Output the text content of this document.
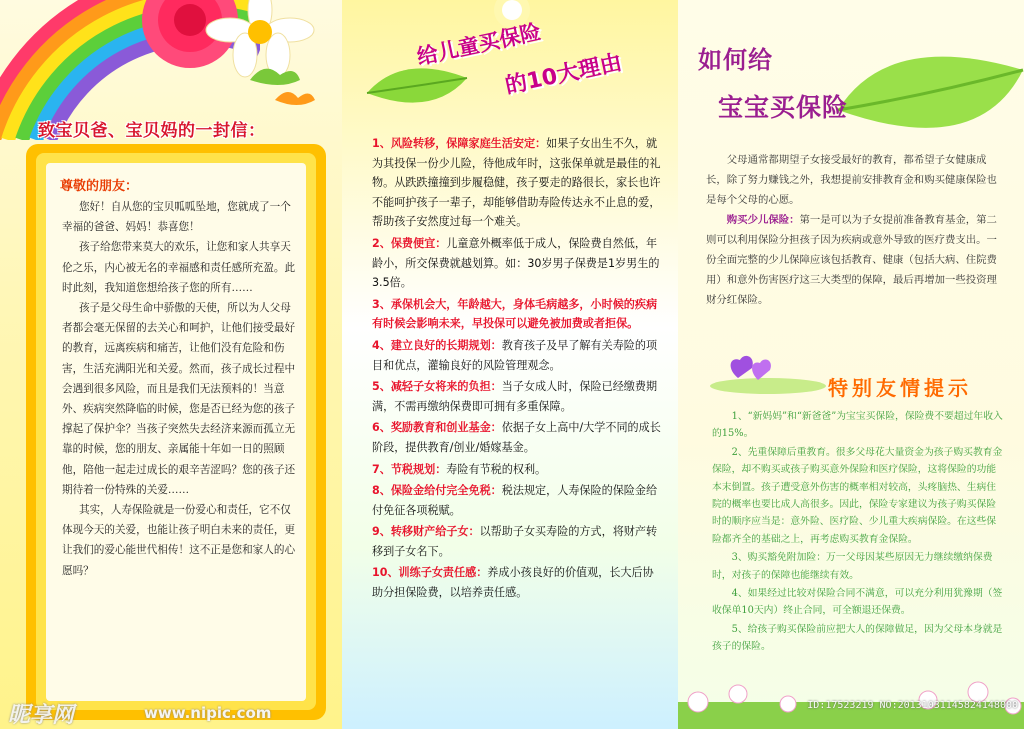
致宝贝爸、宝贝妈的一封信：
尊敬的朋友：

您好！自从您的宝贝呱呱坠地，您就成了一个幸福的爸爸、妈妈！恭喜您！

孩子给您带来莫大的欢乐，让您和家人共享天伦之乐，内心被无名的幸福感和责任感所充盈。此时此刻，我知道您想给孩子您的所有……

孩子是父母生命中骄傲的天使，所以为人父母者都会毫无保留的去关心和呵护，让他们接受最好的教育，远离疾病和痛苦，让他们没有危险和伤害，生活充满阳光和关爱。然而，孩子成长过程中会遇到很多风险，而且是我们无法预料的！当意外、疾病突然降临的时候，您是否已经为您的孩子撑起了保护伞？当孩子突然失去经济来源而孤立无靠的时候，您的朋友、亲属能十年如一日的照顾他，陪他一起走过成长的艰辛苦涩吗？您的孩子还期待着一份特殊的关爱……

其实，人寿保险就是一份爱心和责任，它不仅体现今天的关爱，也能让孩子明白未来的责任，更让我们的爱心能世代相传！这不正是您和家人的心愿吗？

给儿童买保险
的10大理由

1、风险转移，保障家庭生活安定：如果子女出生不久，就为其投保一份少儿险，待他成年时，这张保单就是最佳的礼物。从跌跌撞撞到步履稳健，孩子要走的路很长，家长也许不能呵护孩子一辈子，却能够借助寿险传达永不止息的爱，帮助孩子安然度过每一个难关。

2、保费便宜：儿童意外概率低于成人，保险费自然低，年龄小，所交保费就越划算。如：30岁男子保费是1岁男生的3.5倍。

3、承保机会大，年龄越大，身体毛病越多，小时候的疾病有时候会影响未来，早投保可以避免被加费或者拒保。

4、建立良好的长期规划：教育孩子及早了解有关寿险的项目和优点，灌输良好的风险管理观念。

5、减轻子女将来的负担：当子女成人时，保险已经缴费期满，不需再缴纳保费即可拥有多重保障。

6、奖励教育和创业基金：依据子女上高中/大学不同的成长阶段，提供教育/创业/婚嫁基金。

7、节税规划：寿险有节税的权利。

8、保险金给付完全免税：税法规定，人寿保险的保险金给付免征各项税赋。

9、转移财产给子女：以帮助子女买寿险的方式，将财产转移到子女名下。

10、训练子女责任感：养成小孩良好的价值观，长大后协助分担保险费，以培养责任感。

如何给
宝宝买保险

父母通常都期望子女接受最好的教育，都希望子女健康成长，除了努力赚钱之外，我想提前安排教育金和购买健康保险也是每个父母的心愿。

购买少儿保险：第一是可以为子女提前准备教育基金，第二则可以利用保险分担孩子因为疾病或意外导致的医疗费支出。一份全面完整的少儿保障应该包括教育、健康（包括大病、住院费用）和意外伤害医疗这三大类型的保障，最后再增加一些投资理财分红保险。

特别友情提示

1、“新妈妈”和“新爸爸”为宝宝买保险，保险费不要超过年收入的15%。

2、先重保障后重教育。很多父母花大量资金为孩子购买教育金保险，却不购买或孩子购买意外保险和医疗保险，这将保险的功能本末倒置。孩子遭受意外伤害的概率相对较高，头疼脑热、生病住院的概率也要比成人高很多。因此，保险专家建议为孩子购买保险时的顺序应当是：意外险、医疗险、少儿重大疾病保险。在这些保险都齐全的基础之上，再考虑购买教育金保险。

3、购买豁免附加险：万一父母因某些原因无力继续缴纳保费时，对孩子的保障也能继续有效。

4、如果经过比较对保险合同不满意，可以充分利用犹豫期（签收保单10天内）终止合同，可全额退还保费。

5、给孩子购买保险前应把大人的保障做足，因为父母本身就是孩子的保险。

昵享网	www.nipic.com	ID:17523219 NO:20131031145824148000
